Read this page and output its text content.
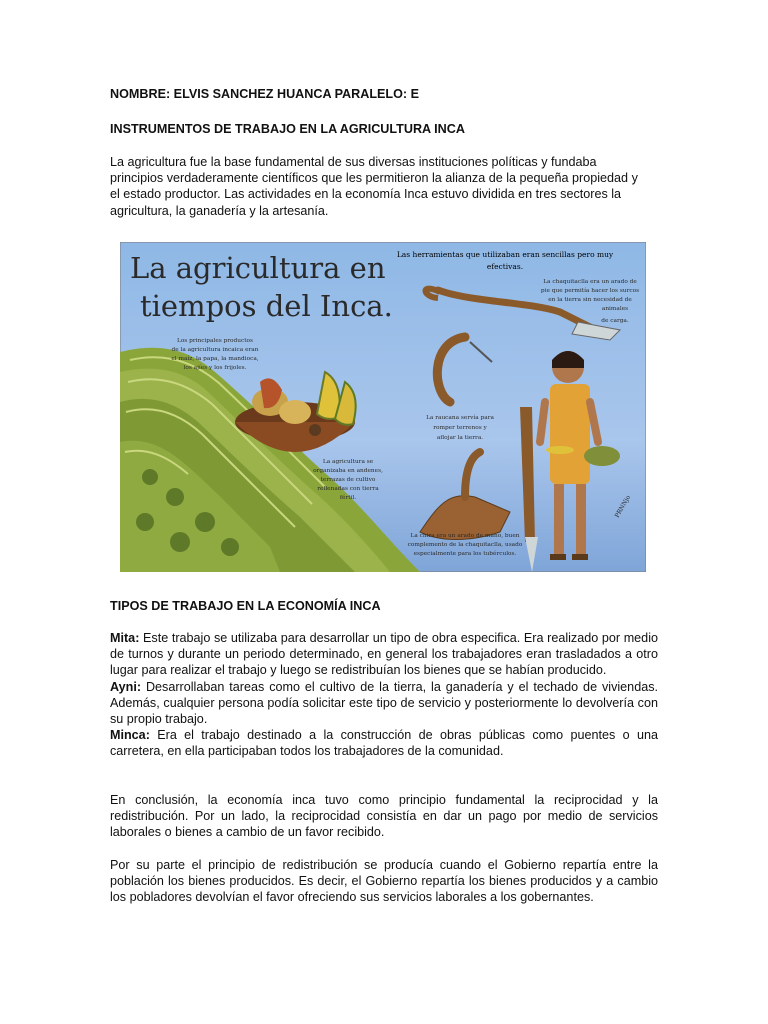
NOMBRE: ELVIS SANCHEZ HUANCA PARALELO: E

INSTRUMENTOS DE TRABAJO EN LA AGRICULTURA INCA

La agricultura fue la base fundamental de sus diversas instituciones políticas y fundaba

principios verdaderamente científicos que les permitieron la alianza de la pequeña propiedad y

el estado productor. Las actividades en la economía Inca estuvo dividida en tres sectores la

agricultura, la ganadería y la artesanía.

TIPOS DE TRABAJO EN LA ECONOMÍA INCA

Mita: Este trabajo se utilizaba para desarrollar un tipo de obra especifica. Era realizado por medio de turnos y durante un periodo determinado, en general los trabajadores eran trasladados a otro lugar para realizar el trabajo y luego se redistribuían los bienes que se habían producido.

Ayni: Desarrollaban tareas como el cultivo de la tierra, la ganadería y el techado de viviendas. Además, cualquier persona podía solicitar este tipo de servicio y posteriormente lo devolvería con su propio trabajo.

Minca: Era el trabajo destinado a la construcción de obras públicas como puentes o una carretera, en ella participaban todos los trabajadores de la comunidad.

En conclusión, la economía inca tuvo como principio fundamental la reciprocidad y la redistribución. Por un lado, la reciprocidad consistía en dar un pago por medio de servicios laborales o bienes a cambio de un favor recibido.

Por su parte el principio de redistribución se producía cuando el Gobierno repartía entre la población los bienes producidos. Es decir, el Gobierno repartía los bienes producidos y a cambio los pobladores devolvían el favor ofreciendo sus servicios laborales a los gobernantes.

La agricultura en
tiempos del Inca.
Las herramientas que utilizaban eran sencillas pero muy
efectivas.
La chaquitaclla era un arado de
pie que permitía hacer los surcos
en la tierra sin necesidad de
animales
de carga.
Los principales productos
de la agricultura incaica eran
el maíz, la papa, la mandioca,
los ajíes y los frijoles.
La raucana servía para
romper terrenos y
aflojar la tierra.
La agricultura se
organizaba en andenes,
terrazas de cultivo
rellenadas con tierra
fértil.
La chira era un arado de mano, buen
complemento de la chaquitaclla, usado
especialmente para los tubérculos.
PRNNjo
